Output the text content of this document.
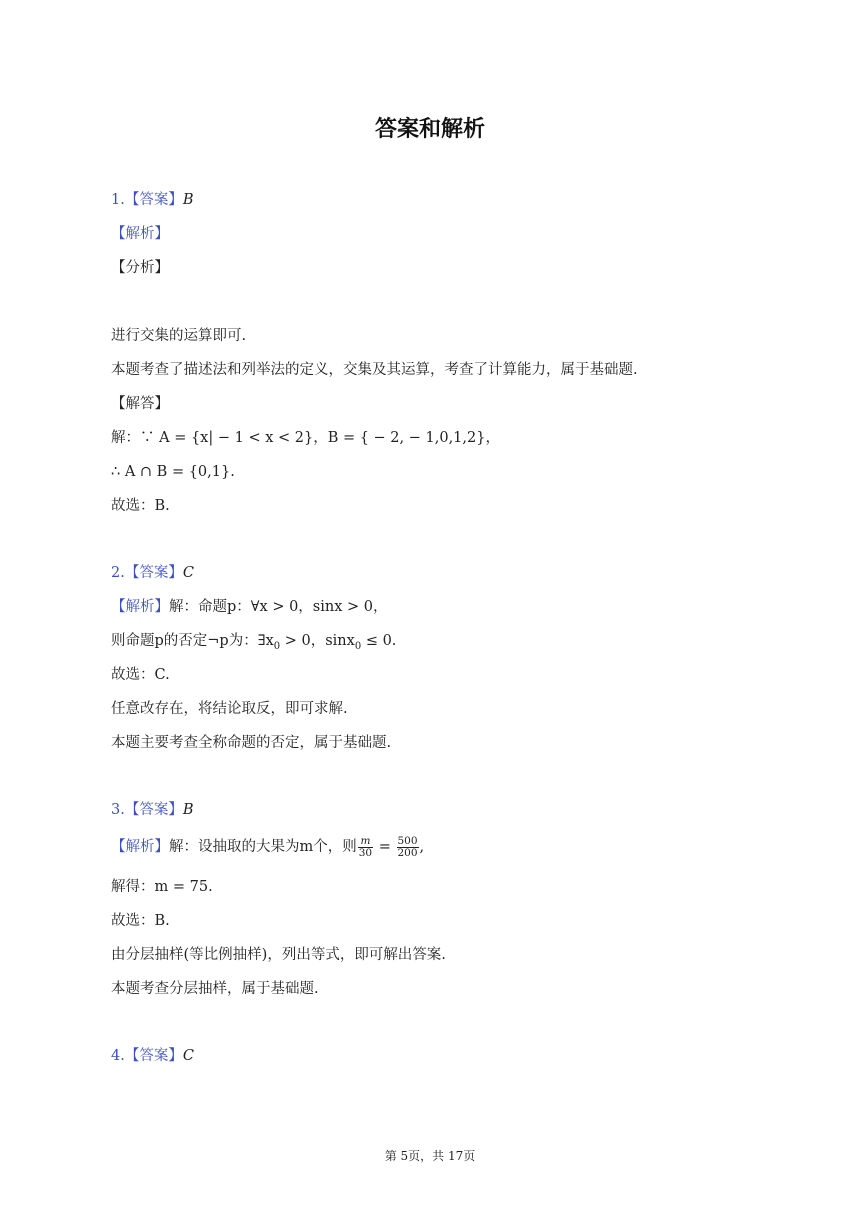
答案和解析
1.【答案】B
【解析】
【分析】
进行交集的运算即可.
本题考查了描述法和列举法的定义，交集及其运算，考查了计算能力，属于基础题.
【解答】
解：∵ A = {x| − 1 < x < 2}，B = { − 2, − 1,0,1,2}，
∴ A ∩ B = {0,1}.
故选：B.
2.【答案】C
【解析】解：命题p：∀x > 0，sinx > 0，
则命题p的否定¬p为：$\exists x_0 > 0$，sinx$_0$ ≤ 0.
故选：C.
任意改存在，将结论取反，即可求解.
本题主要考查全称命题的否定，属于基础题.
3.【答案】B
【解析】解：设抽取的大果为m个，则 $\frac{m}{30} = \frac{500}{200}$ ,
解得：m = 75.
故选：B.
由分层抽样(等比例抽样)，列出等式，即可解出答案.
本题考查分层抽样，属于基础题.
4.【答案】C
第 5页，共 17页
